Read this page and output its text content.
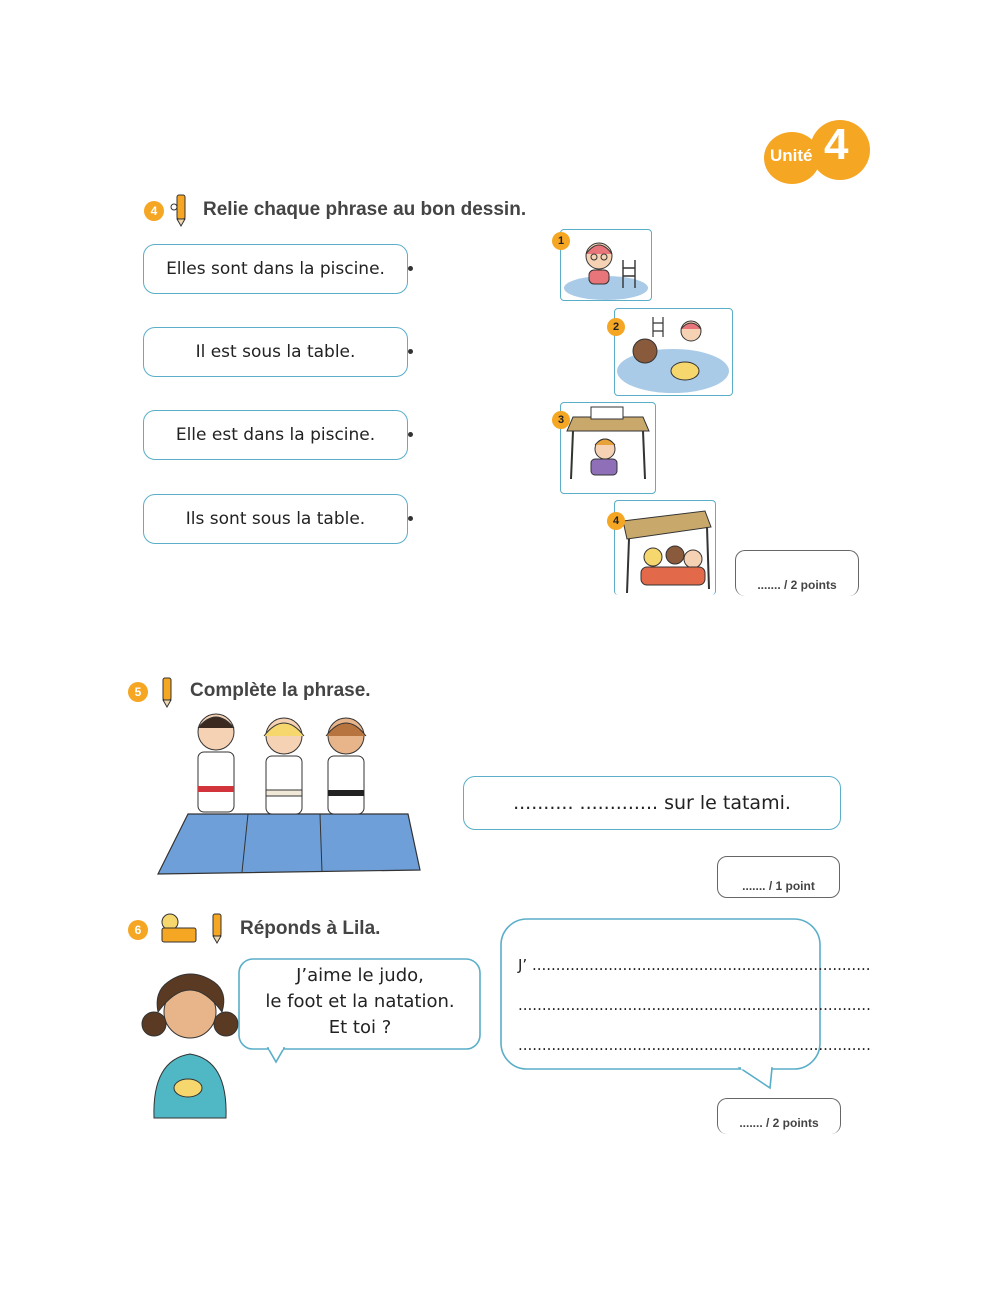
Unité 4
4	Relie chaque phrase au bon dessin.
Elles sont dans la piscine.
Il est sous la table.
Elle est dans la piscine.
Ils sont sous la table.
1
2
3
4
....... / 2 points
5	Complète la phrase.
.......... ............. sur le tatami.
....... / 1 point
6	Réponds à Lila.
J’aime le judo,
le foot et la natation.
Et toi ?
J’ .......................................................................
..........................................................................
..........................................................................
....... / 2 points
